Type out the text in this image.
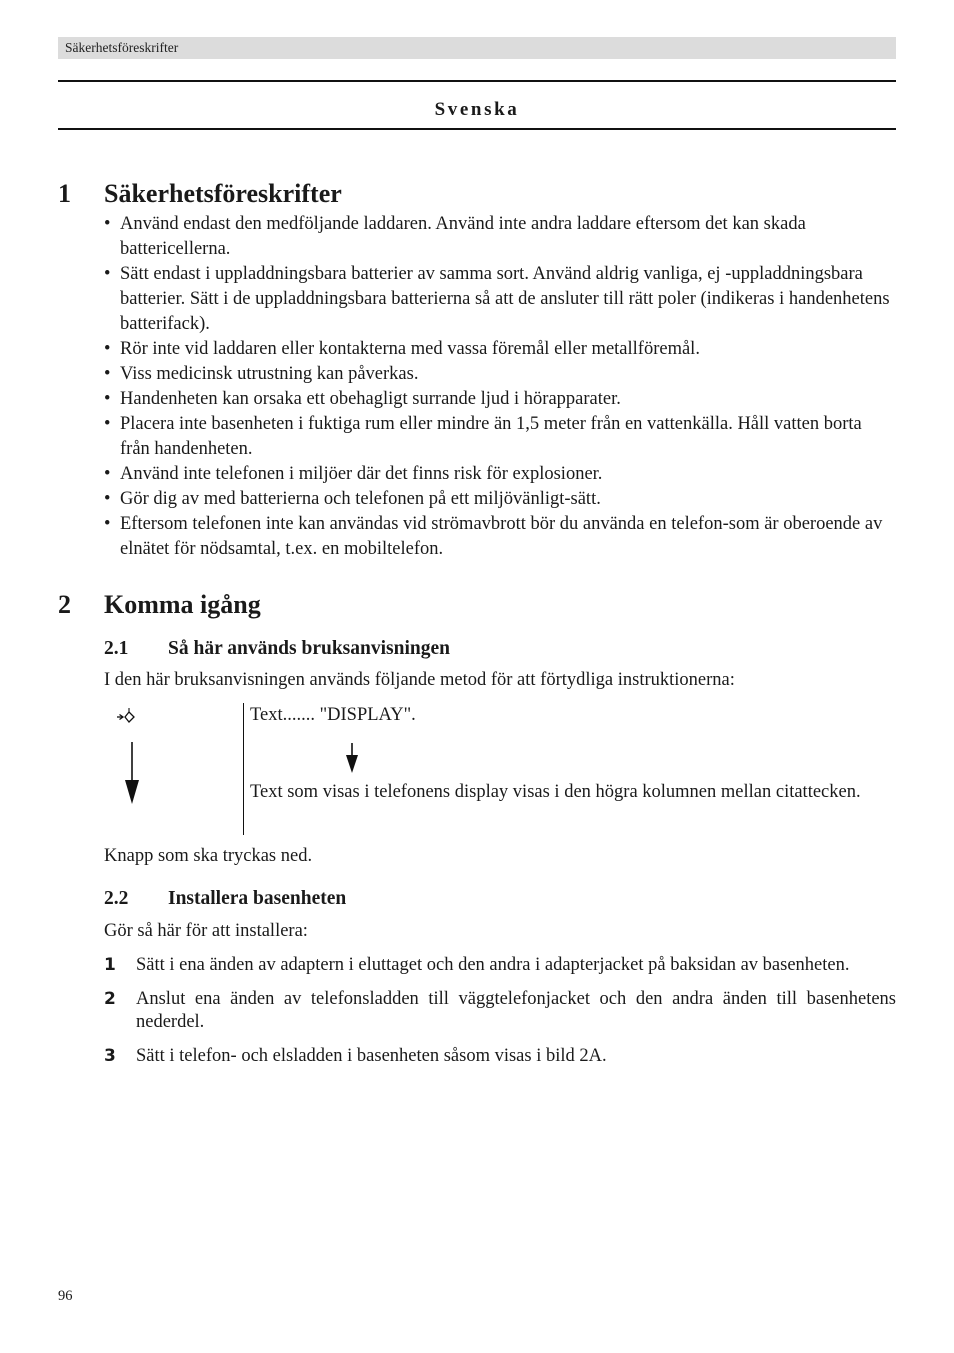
Säkerhetsföreskrifter
Svenska
1 Säkerhetsföreskrifter
• Använd endast den medföljande laddaren. Använd inte andra laddare eftersom det kan skada battericellerna.
• Sätt endast i uppladdningsbara batterier av samma sort. Använd aldrig vanliga, ej -uppladdningsbara batterier. Sätt i de uppladdningsbara batterierna så att de ansluter till rätt poler (indikeras i handenhetens batterifack).
• Rör inte vid laddaren eller kontakterna med vassa föremål eller metallföremål.
• Viss medicinsk utrustning kan påverkas.
• Handenheten kan orsaka ett obehagligt surrande ljud i hörapparater.
• Placera inte basenheten i fuktiga rum eller mindre än 1,5 meter från en vattenkälla. Håll vatten borta från handenheten.
• Använd inte telefonen i miljöer där det finns risk för explosioner.
• Gör dig av med batterierna och telefonen på ett miljövänligt-sätt.
• Eftersom telefonen inte kan användas vid strömavbrott bör du använda en telefon-som är oberoende av elnätet för nödsamtal, t.ex. en mobiltelefon.
2 Komma igång
2.1 Så här används bruksanvisningen
I den här bruksanvisningen används följande metod för att förtydliga instruktionerna:
Text....... "DISPLAY".
Text som visas i telefonens display visas i den högra kolumnen mellan citattecken.
Knapp som ska tryckas ned.
2.2 Installera basenheten
Gör så här för att installera:
1 Sätt i ena änden av adaptern i eluttaget och den andra i adapterjacket på baksidan av basenheten.
2 Anslut ena änden av telefonsladden till väggtelefonjacket och den andra änden till basenhetens nederdel.
3 Sätt i telefon- och elsladden i basenheten såsom visas i bild 2A.
96
